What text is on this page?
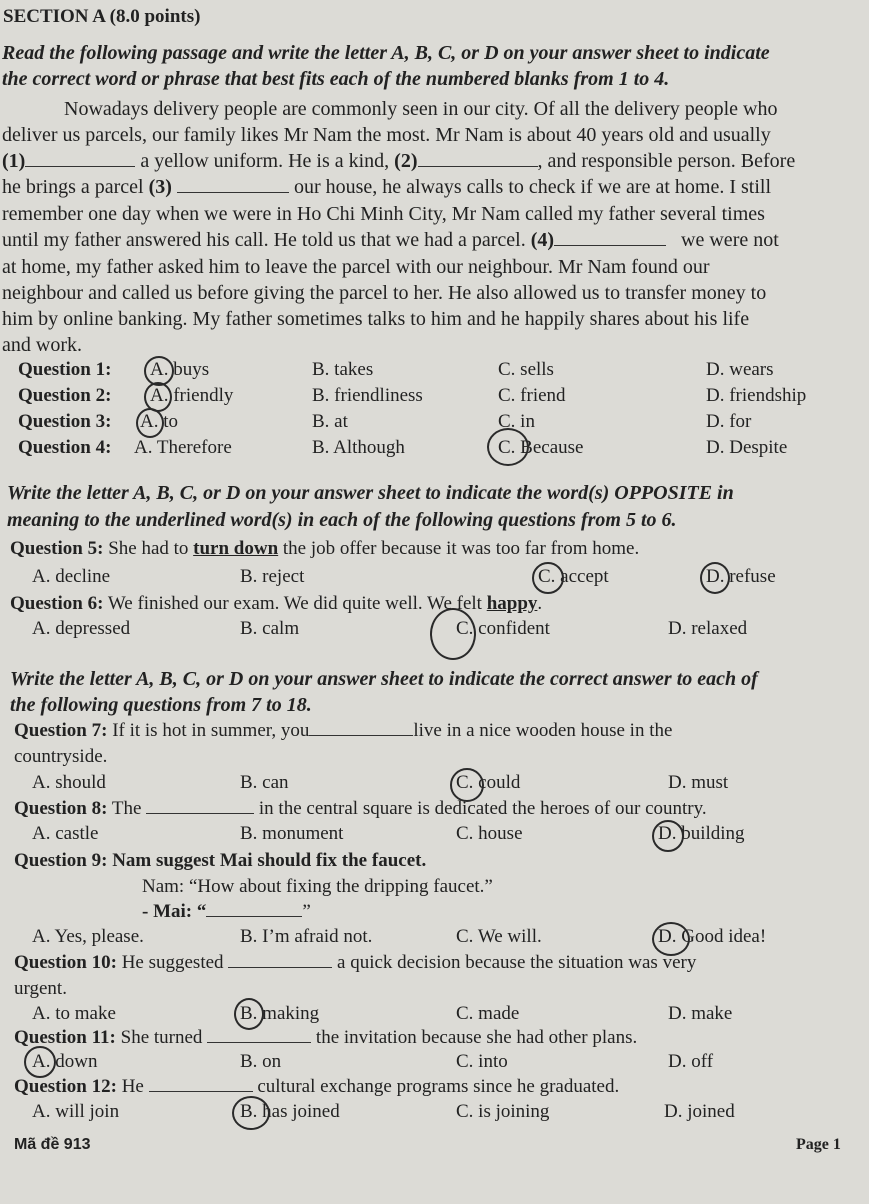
SECTION A (8.0 points)
Read the following passage and write the letter A, B, C, or D on your answer sheet to indicate
the correct word or phrase that best fits each of the numbered blanks from 1 to 4.
Nowadays delivery people are commonly seen in our city. Of all the delivery people who
deliver us parcels, our family likes Mr Nam the most. Mr Nam is about 40 years old and usually
(1)	a yellow uniform. He is a kind, (2)	, and responsible person. Before
he brings a parcel (3)	our house, he always calls to check if we are at home. I still
remember one day when we were in Ho Chi Minh City, Mr Nam called my father several times
until my father answered his call. He told us that we had a parcel. (4)	we were not
at home, my father asked him to leave the parcel with our neighbour. Mr Nam found our
neighbour and called us before giving the parcel to her. He also allowed us to transfer money to
him by online banking. My father sometimes talks to him and he happily shares about his life
and work.
Question 1: A. buys	B. takes	C. sells	D. wears
Question 2: A. friendly	B. friendliness	C. friend	D. friendship
Question 3: A. to	B. at	C. in	D. for
Question 4: A. Therefore	B. Although	C. Because	D. Despite
Write the letter A, B, C, or D on your answer sheet to indicate the word(s) OPPOSITE in
meaning to the underlined word(s) in each of the following questions from 5 to 6.
Question 5: She had to turn down the job offer because it was too far from home.
A. decline	B. reject	C. accept	D. refuse
Question 6: We finished our exam. We did quite well. We felt happy.
A. depressed	B. calm	C. confident	D. relaxed
Write the letter A, B, C, or D on your answer sheet to indicate the correct answer to each of
the following questions from 7 to 18.
Question 7: If it is hot in summer, you	live in a nice wooden house in the
countryside.
A. should	B. can	C. could	D. must
Question 8: The	in the central square is dedicated the heroes of our country.
A. castle	B. monument	C. house	D. building
Question 9: Nam suggest Mai should fix the faucet.
Nam: “How about fixing the dripping faucet.”
- Mai: “	”
A. Yes, please.	B. I’m afraid not.	C. We will.	D. Good idea!
Question 10: He suggested	a quick decision because the situation was very
urgent.
A. to make	B. making	C. made	D. make
Question 11: She turned	the invitation because she had other plans.
A. down	B. on	C. into	D. off
Question 12: He	cultural exchange programs since he graduated.
A. will join	B. has joined	C. is joining	D. joined
Mã đề 913	Page 1
